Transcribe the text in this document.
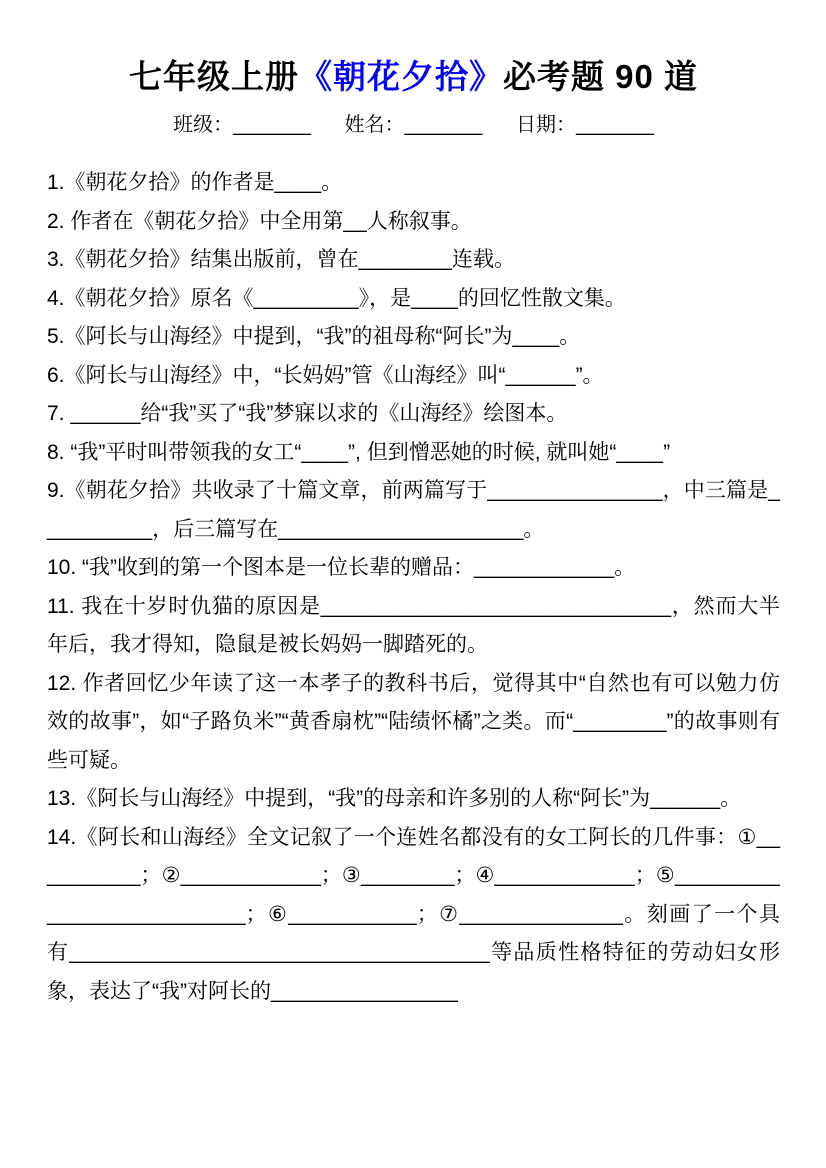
七年级上册《朝花夕拾》必考题 90 道
班级：_______ 姓名：_______ 日期：_______

1.《朝花夕拾》的作者是____。

2. 作者在《朝花夕拾》中全用第__人称叙事。

3.《朝花夕拾》结集出版前，曾在________连载。

4.《朝花夕拾》原名《_________》，是____的回忆性散文集。

5.《阿长与山海经》中提到，“我”的祖母称“阿长”为____。

6.《阿长与山海经》中，“长妈妈”管《山海经》叫“______”。

7. ______给“我”买了“我”梦寐以求的《山海经》绘图本。

8. “我”平时叫带领我的女工“____”, 但到憎恶她的时候, 就叫她“____”

9.《朝花夕拾》共收录了十篇文章，前两篇写于_______________，中三篇是__________，后三篇写在_____________________。

10. “我”收到的第一个图本是一位长辈的赠品：____________。

11. 我在十岁时仇猫的原因是______________________________，然而大半年后，我才得知，隐鼠是被长妈妈一脚踏死的。

12. 作者回忆少年读了这一本孝子的教科书后，觉得其中“自然也有可以勉力仿效的故事”，如“子路负米”“黄香扇枕”“陆绩怀橘”之类。而“________”的故事则有些可疑。

13.《阿长与山海经》中提到，“我”的母亲和许多别的人称“阿长”为______。

14.《阿长和山海经》全文记叙了一个连姓名都没有的女工阿长的几件事：①__________；②____________；③________；④____________；⑤__________________________；⑥___________；⑦______________。刻画了一个具有____________________________________等品质性格特征的劳动妇女形象，表达了“我”对阿长的________________
